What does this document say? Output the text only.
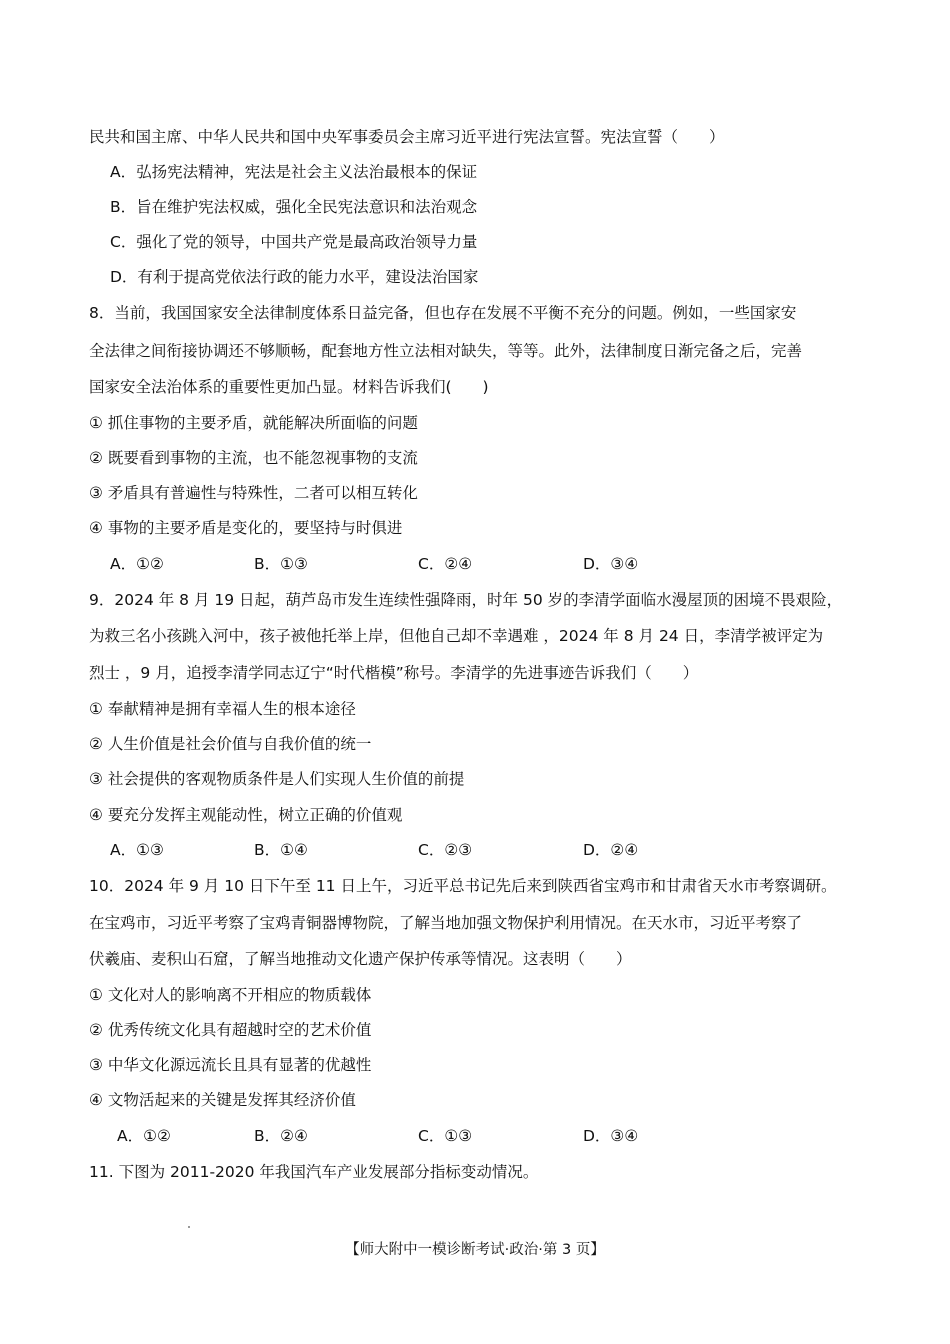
民共和国主席、中华人民共和国中央军事委员会主席习近平进行宪法宣誓。宪法宣誓（　　）
A．弘扬宪法精神，宪法是社会主义法治最根本的保证
B．旨在维护宪法权威，强化全民宪法意识和法治观念
C．强化了党的领导，中国共产党是最高政治领导力量
D．有利于提高党依法行政的能力水平，建设法治国家
8．当前，我国国家安全法律制度体系日益完备，但也存在发展不平衡不充分的问题。例如，一些国家安
全法律之间衔接协调还不够顺畅，配套地方性立法相对缺失，等等。此外，法律制度日渐完备之后，完善
国家安全法治体系的重要性更加凸显。材料告诉我们(　　)
① 抓住事物的主要矛盾，就能解决所面临的问题
② 既要看到事物的主流，也不能忽视事物的支流
③ 矛盾具有普遍性与特殊性，二者可以相互转化
④ 事物的主要矛盾是变化的，要坚持与时俱进
A．①②	B．①③	C．②④	D．③④
9．2024 年 8 月 19 日起，葫芦岛市发生连续性强降雨，时年 50 岁的李清学面临水漫屋顶的困境不畏艰险，
为救三名小孩跳入河中，孩子被他托举上岸，但他自己却不幸遇难 ，2024 年 8 月 24 日，李清学被评定为
烈士 ，9 月，追授李清学同志辽宁“时代楷模”称号。李清学的先进事迹告诉我们（　　）
① 奉献精神是拥有幸福人生的根本途径
② 人生价值是社会价值与自我价值的统一
③ 社会提供的客观物质条件是人们实现人生价值的前提
④ 要充分发挥主观能动性，树立正确的价值观
A．①③	B．①④	C．②③	D．②④
10．2024 年 9 月 10 日下午至 11 日上午，习近平总书记先后来到陕西省宝鸡市和甘肃省天水市考察调研。
在宝鸡市，习近平考察了宝鸡青铜器博物院，了解当地加强文物保护利用情况。在天水市，习近平考察了
伏羲庙、麦积山石窟，了解当地推动文化遗产保护传承等情况。这表明（　　）
① 文化对人的影响离不开相应的物质载体
② 优秀传统文化具有超越时空的艺术价值
③ 中华文化源远流长且具有显著的优越性
④ 文物活起来的关键是发挥其经济价值
A．①②	B．②④	C．①③	D．③④
11. 下图为 2011-2020 年我国汽车产业发展部分指标变动情况。
【师大附中一模诊断考试·政治·第 3 页】
